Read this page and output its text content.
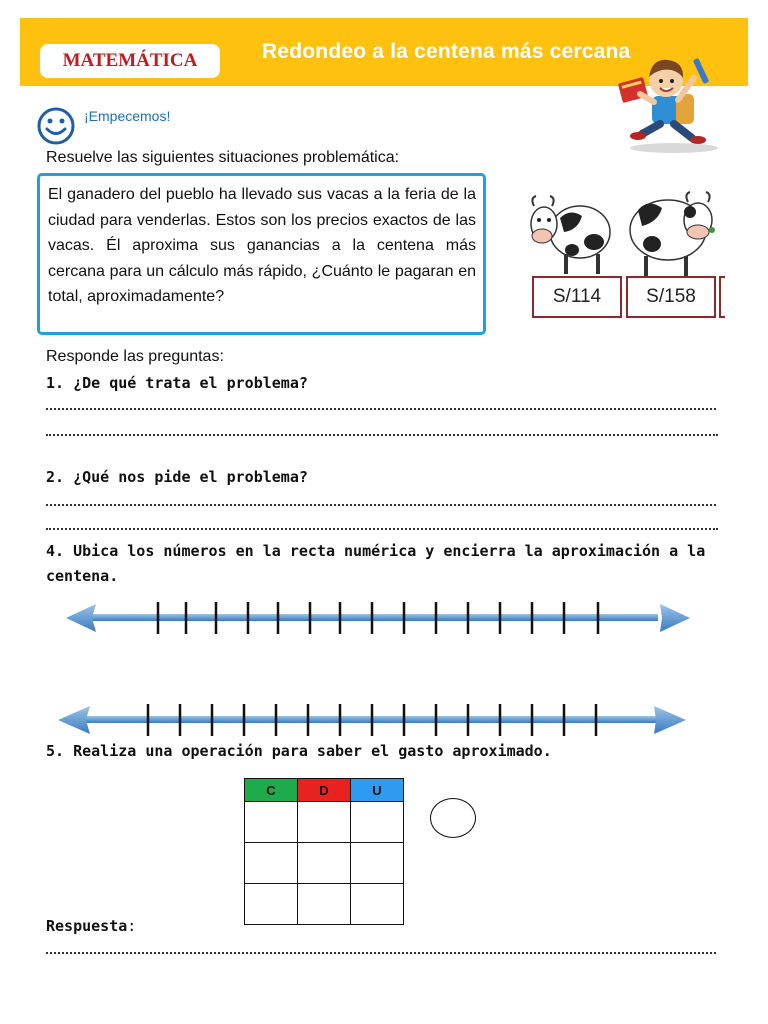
MATEMÁTICA	Redondeo a la centena más cercana
¡Empecemos!
Resuelve las siguientes situaciones problemática:
El ganadero del pueblo ha llevado sus vacas a la feria de la ciudad para venderlas. Estos son los precios exactos de las vacas. Él aproxima sus ganancias a la centena más cercana para un cálculo más rápido, ¿Cuánto le pagaran en total, aproximadamente?	S/114	S/158
Responde las preguntas:
1. ¿De qué trata el problema?
2. ¿Qué nos pide el problema?
4. Ubica los números en la recta numérica y encierra la aproximación a la centena.
5. Realiza una operación para saber el gasto aproximado.
C	D	U

Respuesta:
